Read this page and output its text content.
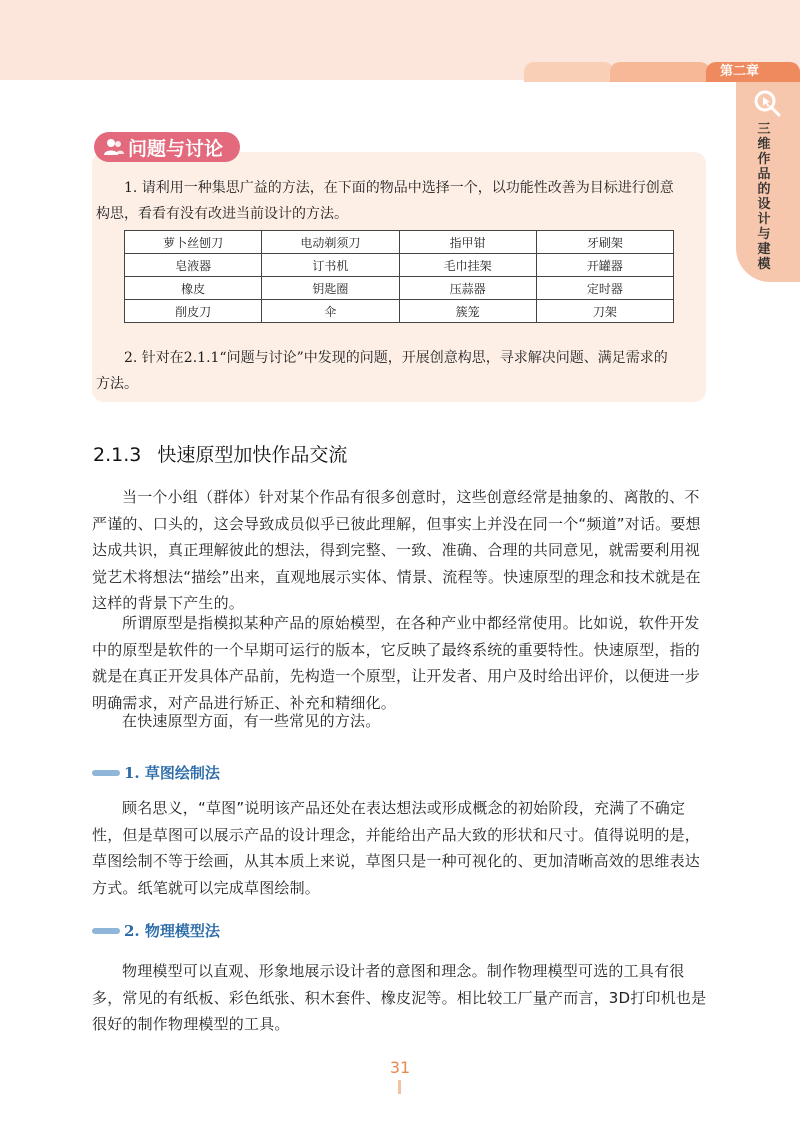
第二章
三维作品的设计与建模
问题与讨论
1. 请利用一种集思广益的方法，在下面的物品中选择一个，以功能性改善为目标进行创意构思，看看有没有改进当前设计的方法。
萝卜丝刨刀	电动剃须刀	指甲钳	牙刷架
皂液器	订书机	毛巾挂架	开罐器
橡皮	钥匙圈	压蒜器	定时器
削皮刀	伞	簇笼	刀架
2. 针对在2.1.1“问题与讨论”中发现的问题，开展创意构思，寻求解决问题、满足需求的方法。
2.1.3 快速原型加快作品交流

当一个小组（群体）针对某个作品有很多创意时，这些创意经常是抽象的、离散的、不严谨的、口头的，这会导致成员似乎已彼此理解，但事实上并没在同一个“频道”对话。要想达成共识，真正理解彼此的想法，得到完整、一致、准确、合理的共同意见，就需要利用视觉艺术将想法“描绘”出来，直观地展示实体、情景、流程等。快速原型的理念和技术就是在这样的背景下产生的。

所谓原型是指模拟某种产品的原始模型，在各种产业中都经常使用。比如说，软件开发中的原型是软件的一个早期可运行的版本，它反映了最终系统的重要特性。快速原型，指的就是在真正开发具体产品前，先构造一个原型，让开发者、用户及时给出评价，以便进一步明确需求，对产品进行矫正、补充和精细化。

在快速原型方面，有一些常见的方法。

1. 草图绘制法

顾名思义，“草图”说明该产品还处在表达想法或形成概念的初始阶段，充满了不确定性，但是草图可以展示产品的设计理念，并能给出产品大致的形状和尺寸。值得说明的是，草图绘制不等于绘画，从其本质上来说，草图只是一种可视化的、更加清晰高效的思维表达方式。纸笔就可以完成草图绘制。

2. 物理模型法

物理模型可以直观、形象地展示设计者的意图和理念。制作物理模型可选的工具有很多，常见的有纸板、彩色纸张、积木套件、橡皮泥等。相比较工厂量产而言，3D打印机也是很好的制作物理模型的工具。

31
